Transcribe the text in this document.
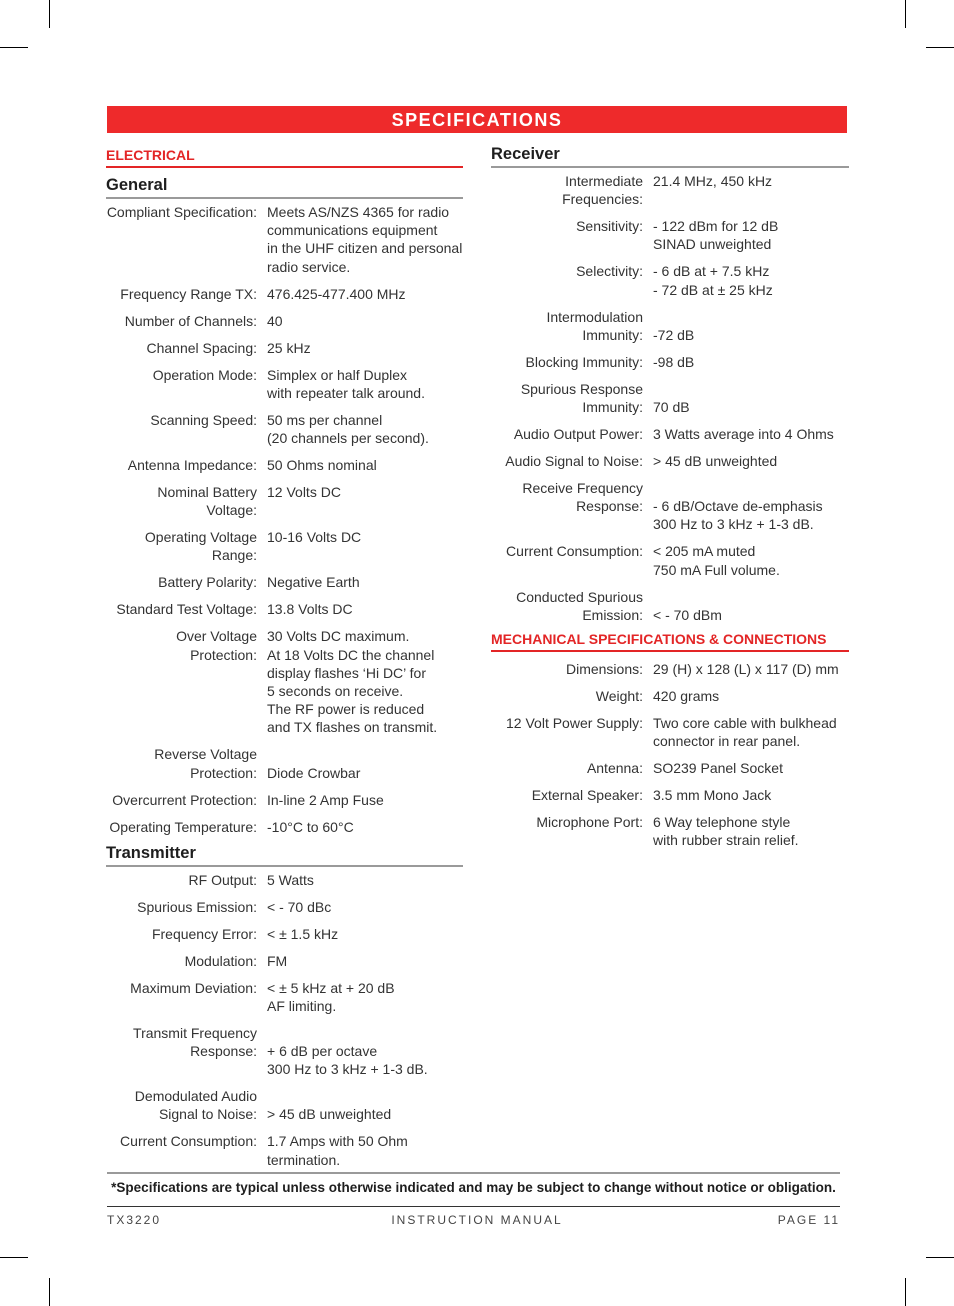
SPECIFICATIONS
ELECTRICAL
General
Compliant Specification: Meets AS/NZS 4365 for radio
communications equipment
in the UHF citizen and personal
radio service.
Frequency Range TX: 476.425-477.400 MHz
Number of Channels: 40
Channel Spacing: 25 kHz
Operation Mode: Simplex or half Duplex
with repeater talk around.
Scanning Speed: 50 ms per channel
(20 channels per second).
Antenna Impedance: 50 Ohms nominal
Nominal Battery Voltage:
12 Volts DC
Operating Voltage Range:
10-16 Volts DC
Battery Polarity: Negative Earth
Standard Test Voltage: 13.8 Volts DC
Over Voltage Protection:
30 Volts DC maximum.
At 18 Volts DC the channel
display flashes ‘Hi DC’ for
5 seconds on receive.
The RF power is reduced
and TX flashes on transmit.
Reverse Voltage
Protection:
Diode Crowbar
Overcurrent Protection: In-line 2 Amp Fuse
Operating Temperature: -10°C to 60°C
Transmitter
RF Output: 5 Watts
Spurious Emission: < - 70 dBc
Frequency Error: < ± 1.5 kHz
Modulation: FM
Maximum Deviation: < ± 5 kHz at + 20 dB
AF limiting.
Transmit Frequency
Response:
+ 6 dB per octave
300 Hz to 3 kHz + 1-3 dB.
Demodulated Audio
Signal to Noise:
> 45 dB unweighted
Current Consumption: 1.7 Amps with 50 Ohm
termination.
Receiver
Intermediate Frequencies:
21.4 MHz, 450 kHz
Sensitivity: - 122 dBm for 12 dB
SINAD unweighted
Selectivity: - 6 dB at + 7.5 kHz
- 72 dB at ± 25 kHz
Intermodulation
Immunity:
-72 dB
Blocking Immunity: -98 dB
Spurious Response
Immunity:
70 dB
Audio Output Power: 3 Watts average into 4 Ohms
Audio Signal to Noise: > 45 dB unweighted
Receive Frequency
Response:
- 6 dB/Octave de-emphasis
300 Hz to 3 kHz + 1-3 dB.
Current Consumption: < 205 mA muted
750 mA Full volume.
Conducted Spurious
Emission:
< - 70 dBm
MECHANICAL SPECIFICATIONS & CONNECTIONS
Dimensions: 29 (H) x 128 (L) x 117 (D) mm
Weight: 420 grams
12 Volt Power Supply: Two core cable with bulkhead
connector in rear panel.
Antenna: SO239 Panel Socket
External Speaker: 3.5 mm Mono Jack
Microphone Port: 6 Way telephone style
with rubber strain relief.
*Specifications are typical unless otherwise indicated and may be subject to change without notice or obligation.
TX3220	INSTRUCTION MANUAL	PAGE 11
